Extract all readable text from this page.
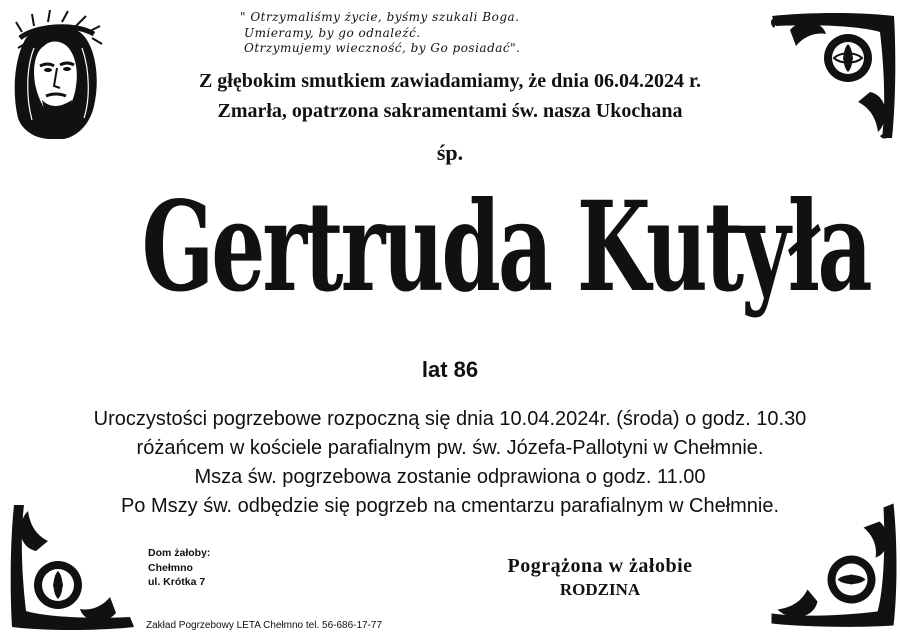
" Otrzymaliśmy życie, byśmy szukali Boga.
Umieramy, by go odnaleźć.
Otrzymujemy wieczność, by Go posiadać".
Z głębokim smutkiem zawiadamiamy, że dnia 06.04.2024 r.
Zmarła, opatrzona sakramentami św. nasza Ukochana
śp.
Gertruda Kutyła
lat 86
Uroczystości pogrzebowe rozpoczną się dnia 10.04.2024r. (środa) o godz. 10.30
różańcem w kościele parafialnym pw. św. Józefa-Pallotyni w Chełmnie.
Msza św. pogrzebowa zostanie odprawiona o godz. 11.00
Po Mszy św. odbędzie się pogrzeb na cmentarzu parafialnym w Chełmnie.
Dom żałoby:
Chełmno
ul. Krótka 7
Pogrążona w żałobie
RODZINA
Zakład Pogrzebowy LETA Chełmno tel. 56-686-17-77
